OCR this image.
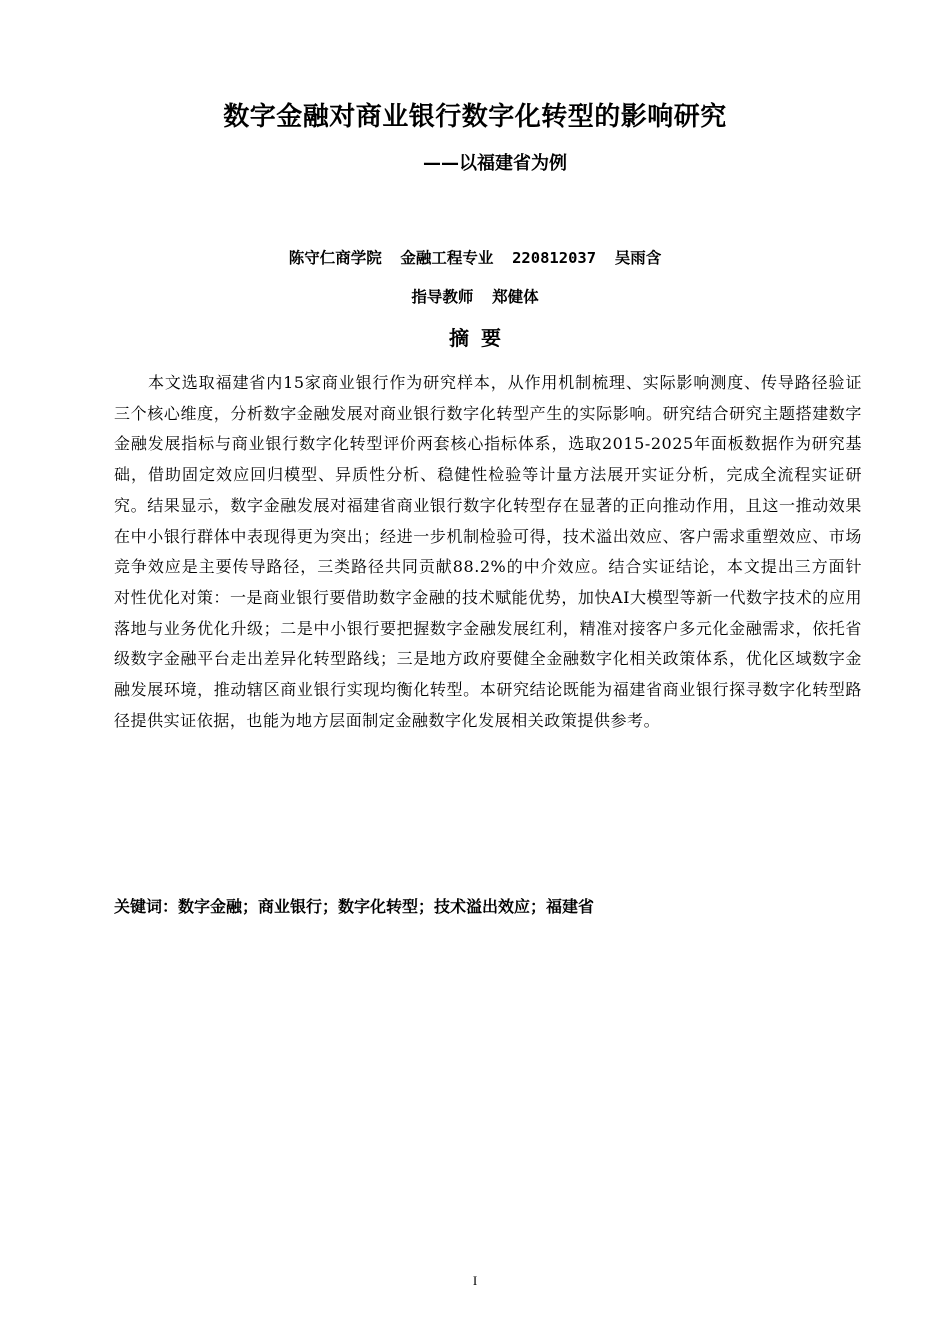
数字金融对商业银行数字化转型的影响研究
——以福建省为例
陈守仁商学院  金融工程专业  220812037  吴雨含
指导教师  郑健体
摘要

本文选取福建省内15家商业银行作为研究样本，从作用机制梳理、实际影响测度、传导路径验证三个核心维度，分析数字金融发展对商业银行数字化转型产生的实际影响。研究结合研究主题搭建数字金融发展指标与商业银行数字化转型评价两套核心指标体系，选取2015-2025年面板数据作为研究基础，借助固定效应回归模型、异质性分析、稳健性检验等计量方法展开实证分析，完成全流程实证研究。结果显示，数字金融发展对福建省商业银行数字化转型存在显著的正向推动作用，且这一推动效果在中小银行群体中表现得更为突出；经进一步机制检验可得，技术溢出效应、客户需求重塑效应、市场竞争效应是主要传导路径，三类路径共同贡献88.2%的中介效应。结合实证结论，本文提出三方面针对性优化对策：一是商业银行要借助数字金融的技术赋能优势，加快AI大模型等新一代数字技术的应用落地与业务优化升级；二是中小银行要把握数字金融发展红利，精准对接客户多元化金融需求，依托省级数字金融平台走出差异化转型路线；三是地方政府要健全金融数字化相关政策体系，优化区域数字金融发展环境，推动辖区商业银行实现均衡化转型。本研究结论既能为福建省商业银行探寻数字化转型路径提供实证依据，也能为地方层面制定金融数字化发展相关政策提供参考。

关键词：数字金融；商业银行；数字化转型；技术溢出效应；福建省
I
